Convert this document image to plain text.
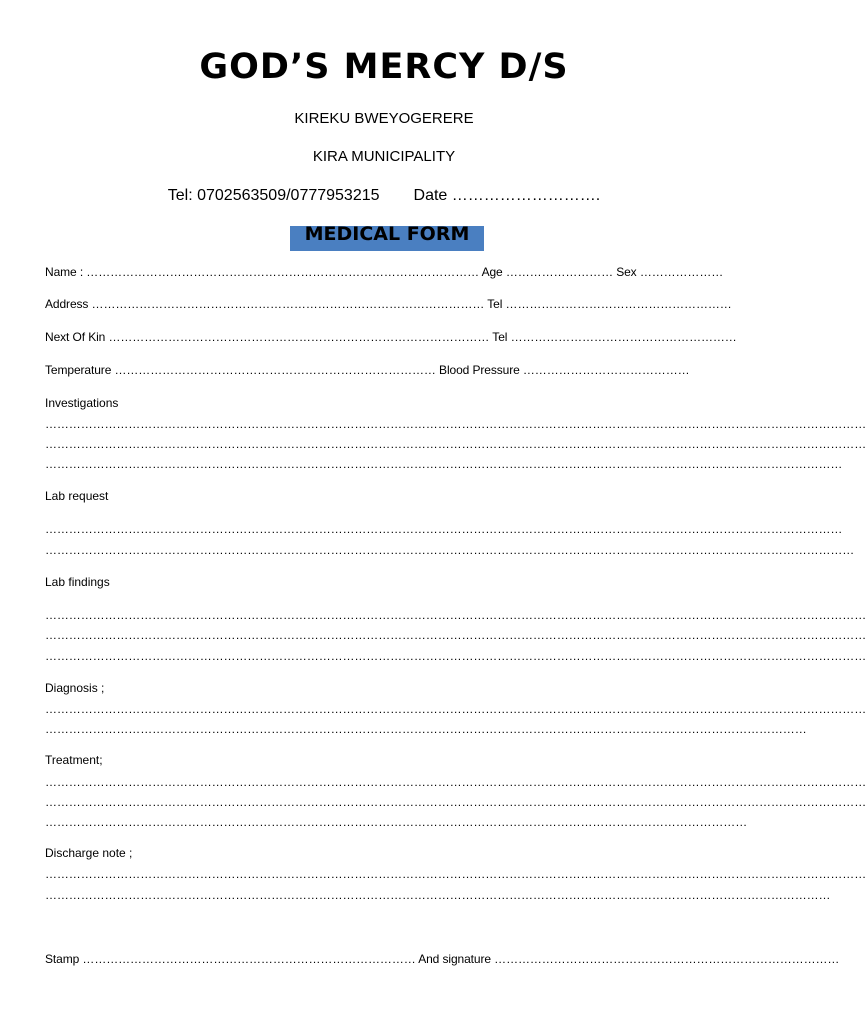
GOD’S MERCY D/S

KIREKU BWEYOGERERE

KIRA MUNICIPALITY

Tel: 0702563509/0777953215 Date ……………………….

MEDICAL FORM

Name : ……………………………………………………………………………………… Age ……………………… Sex …………………

Address ……………………………………………………………………………………… Tel …………………………………………………

Next Of Kin …………………………………………………………………………………… Tel …………………………………………………

Temperature ……………………………………………………………………… Blood Pressure ……………………………………

Investigations

………………………………………………………………………………………………………………………………………………………………………………………

………………………………………………………………………………………………………………………………………………………………………………………

…………………………………………………………………………………………………………………………………………………………………………………

Lab request

…………………………………………………………………………………………………………………………………………………………………………………

……………………………………………………………………………………………………………………………………………………………………………………

Lab findings

………………………………………………………………………………………………………………………………………………………………………………………

………………………………………………………………………………………………………………………………………………………………………………………

………………………………………………………………………………………………………………………………………………………………………………………

Diagnosis ;

………………………………………………………………………………………………………………………………………………………………………………………

…………………………………………………………………………………………………………………………………………………………………………

Treatment;

………………………………………………………………………………………………………………………………………………………………………………………

………………………………………………………………………………………………………………………………………………………………………………………

……………………………………………………………………………………………………………………………………………………………

Discharge note ;

………………………………………………………………………………………………………………………………………………………………………………………

………………………………………………………………………………………………………………………………………………………………………………

Stamp ………………………………………………………………………… And signature ……………………………………………………………………………
